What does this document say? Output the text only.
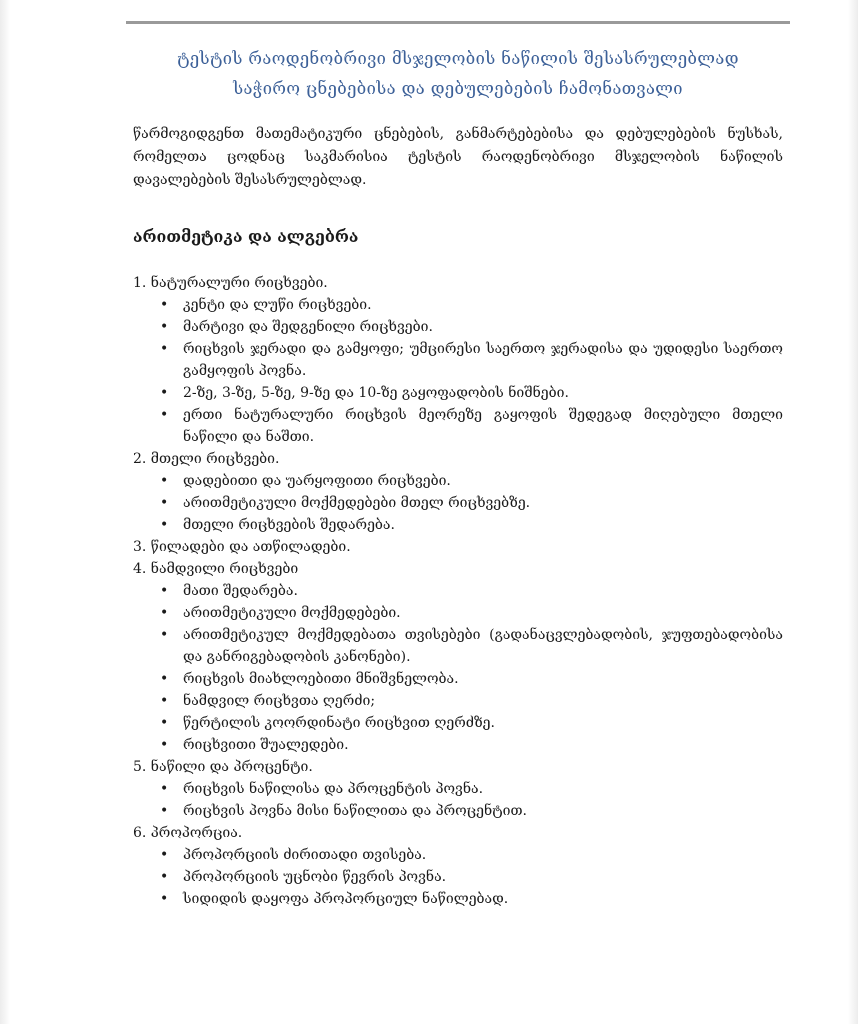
ტესტის რაოდენობრივი მსჯელობის ნაწილის შესასრულებლად
საჭირო ცნებებისა და დებულებების ჩამონათვალი

წარმოგიდგენთ მათემატიკური ცნებების, განმარტებებისა და დებულებების ნუსხას, რომელთა ცოდნაც საკმარისია ტესტის რაოდენობრივი მსჯელობის ნაწილის დავალებების შესასრულებლად.

არითმეტიკა და ალგებრა
1. ნატურალური რიცხვები.
• კენტი და ლუწი რიცხვები.
• მარტივი და შედგენილი რიცხვები.
• რიცხვის ჯერადი და გამყოფი; უმცირესი საერთო ჯერადისა და უდიდესი საერთო გამყოფის პოვნა.
• 2-ზე, 3-ზე, 5-ზე, 9-ზე და 10-ზე გაყოფადობის ნიშნები.
• ერთი ნატურალური რიცხვის მეორეზე გაყოფის შედეგად მიღებული მთელი ნაწილი და ნაშთი.
2. მთელი რიცხვები.
• დადებითი და უარყოფითი რიცხვები.
• არითმეტიკული მოქმედებები მთელ რიცხვებზე.
• მთელი რიცხვების შედარება.
3. წილადები და ათწილადები.
4. ნამდვილი რიცხვები
• მათი შედარება.
• არითმეტიკული მოქმედებები.
• არითმეტიკულ მოქმედებათა თვისებები (გადანაცვლებადობის, ჯუფთებადობისა და განრიგებადობის კანონები).
• რიცხვის მიახლოებითი მნიშვნელობა.
• ნამდვილ რიცხვთა ღერძი;
• წერტილის კოორდინატი რიცხვით ღერძზე.
• რიცხვითი შუალედები.
5. ნაწილი და პროცენტი.
• რიცხვის ნაწილისა და პროცენტის პოვნა.
• რიცხვის პოვნა მისი ნაწილითა და პროცენტით.
6. პროპორცია.
• პროპორციის ძირითადი თვისება.
• პროპორციის უცნობი წევრის პოვნა.
• სიდიდის დაყოფა პროპორციულ ნაწილებად.
